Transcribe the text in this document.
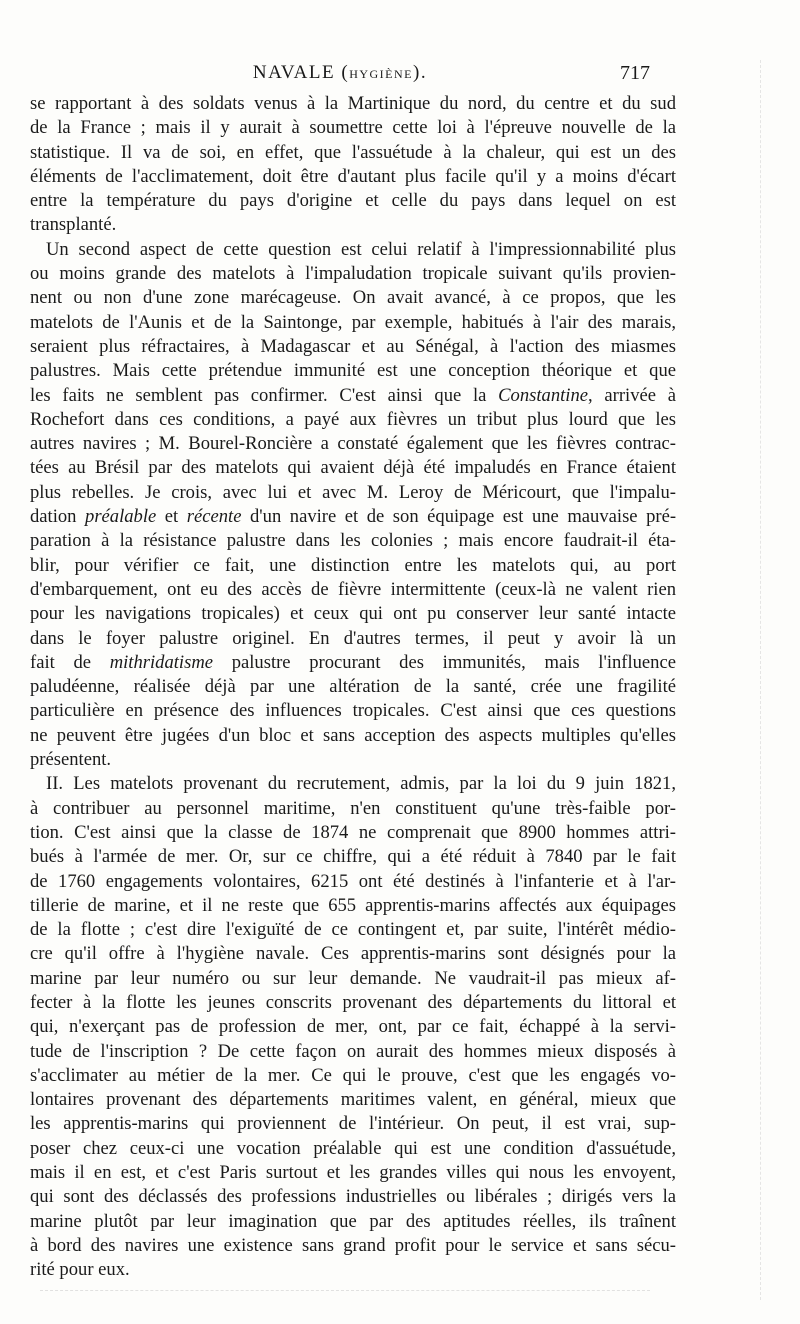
NAVALE (HYGIÈNE).	717
se rapportant à des soldats venus à la Martinique du nord, du centre et du sud
de la France ; mais il y aurait à soumettre cette loi à l'épreuve nouvelle de la
statistique. Il va de soi, en effet, que l'assuétude à la chaleur, qui est un des
éléments de l'acclimatement, doit être d'autant plus facile qu'il y a moins d'écart
entre la température du pays d'origine et celle du pays dans lequel on est
transplanté.
Un second aspect de cette question est celui relatif à l'impressionnabilité plus
ou moins grande des matelots à l'impaludation tropicale suivant qu'ils provien-
nent ou non d'une zone marécageuse. On avait avancé, à ce propos, que les
matelots de l'Aunis et de la Saintonge, par exemple, habitués à l'air des marais,
seraient plus réfractaires, à Madagascar et au Sénégal, à l'action des miasmes
palustres. Mais cette prétendue immunité est une conception théorique et que
les faits ne semblent pas confirmer. C'est ainsi que la Constantine, arrivée à
Rochefort dans ces conditions, a payé aux fièvres un tribut plus lourd que les
autres navires ; M. Bourel-Roncière a constaté également que les fièvres contrac-
tées au Brésil par des matelots qui avaient déjà été impaludés en France étaient
plus rebelles. Je crois, avec lui et avec M. Leroy de Méricourt, que l'impalu-
dation préalable et récente d'un navire et de son équipage est une mauvaise pré-
paration à la résistance palustre dans les colonies ; mais encore faudrait-il éta-
blir, pour vérifier ce fait, une distinction entre les matelots qui, au port
d'embarquement, ont eu des accès de fièvre intermittente (ceux-là ne valent rien
pour les navigations tropicales) et ceux qui ont pu conserver leur santé intacte
dans le foyer palustre originel. En d'autres termes, il peut y avoir là un
fait de mithridatisme palustre procurant des immunités, mais l'influence
paludéenne, réalisée déjà par une altération de la santé, crée une fragilité
particulière en présence des influences tropicales. C'est ainsi que ces questions
ne peuvent être jugées d'un bloc et sans acception des aspects multiples qu'elles
présentent.
II. Les matelots provenant du recrutement, admis, par la loi du 9 juin 1821,
à contribuer au personnel maritime, n'en constituent qu'une très-faible por-
tion. C'est ainsi que la classe de 1874 ne comprenait que 8900 hommes attri-
bués à l'armée de mer. Or, sur ce chiffre, qui a été réduit à 7840 par le fait
de 1760 engagements volontaires, 6215 ont été destinés à l'infanterie et à l'ar-
tillerie de marine, et il ne reste que 655 apprentis-marins affectés aux équipages
de la flotte ; c'est dire l'exiguïté de ce contingent et, par suite, l'intérêt médio-
cre qu'il offre à l'hygiène navale. Ces apprentis-marins sont désignés pour la
marine par leur numéro ou sur leur demande. Ne vaudrait-il pas mieux af-
fecter à la flotte les jeunes conscrits provenant des départements du littoral et
qui, n'exerçant pas de profession de mer, ont, par ce fait, échappé à la servi-
tude de l'inscription ? De cette façon on aurait des hommes mieux disposés à
s'acclimater au métier de la mer. Ce qui le prouve, c'est que les engagés vo-
lontaires provenant des départements maritimes valent, en général, mieux que
les apprentis-marins qui proviennent de l'intérieur. On peut, il est vrai, sup-
poser chez ceux-ci une vocation préalable qui est une condition d'assuétude,
mais il en est, et c'est Paris surtout et les grandes villes qui nous les envoyent,
qui sont des déclassés des professions industrielles ou libérales ; dirigés vers la
marine plutôt par leur imagination que par des aptitudes réelles, ils traînent
à bord des navires une existence sans grand profit pour le service et sans sécu-
rité pour eux.
